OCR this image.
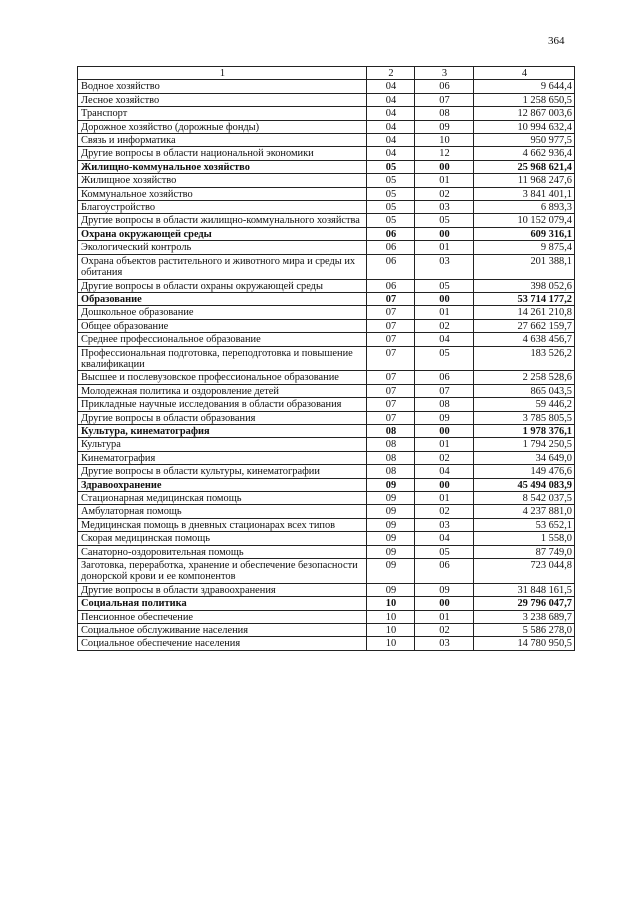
364
1	2	3	4
Водное хозяйство	04	06	9 644,4
Лесное хозяйство	04	07	1 258 650,5
Транспорт	04	08	12 867 003,6
Дорожное хозяйство (дорожные фонды)	04	09	10 994 632,4
Связь и информатика	04	10	950 977,5
Другие вопросы в области национальной экономики	04	12	4 662 936,4
Жилищно-коммунальное хозяйство	05	00	25 968 621,4
Жилищное хозяйство	05	01	11 968 247,6
Коммунальное хозяйство	05	02	3 841 401,1
Благоустройство	05	03	6 893,3
Другие вопросы в области жилищно-коммунального хозяйства	05	05	10 152 079,4
Охрана окружающей среды	06	00	609 316,1
Экологический контроль	06	01	9 875,4
Охрана объектов растительного и животного мира и среды их обитания	06	03	201 388,1
Другие вопросы в области охраны окружающей среды	06	05	398 052,6
Образование	07	00	53 714 177,2
Дошкольное образование	07	01	14 261 210,8
Общее образование	07	02	27 662 159,7
Среднее профессиональное образование	07	04	4 638 456,7
Профессиональная подготовка, переподготовка и повышение квалификации	07	05	183 526,2
Высшее и послевузовское профессиональное образование	07	06	2 258 528,6
Молодежная политика и оздоровление детей	07	07	865 043,5
Прикладные научные исследования в области образования	07	08	59 446,2
Другие вопросы в области образования	07	09	3 785 805,5
Культура, кинематография	08	00	1 978 376,1
Культура	08	01	1 794 250,5
Кинематография	08	02	34 649,0
Другие вопросы в области культуры, кинематографии	08	04	149 476,6
Здравоохранение	09	00	45 494 083,9
Стационарная медицинская помощь	09	01	8 542 037,5
Амбулаторная помощь	09	02	4 237 881,0
Медицинская помощь в дневных стационарах всех типов	09	03	53 652,1
Скорая медицинская помощь	09	04	1 558,0
Санаторно-оздоровительная помощь	09	05	87 749,0
Заготовка, переработка, хранение и обеспечение безопасности донорской крови и ее компонентов	09	06	723 044,8
Другие вопросы в области здравоохранения	09	09	31 848 161,5
Социальная политика	10	00	29 796 047,7
Пенсионное обеспечение	10	01	3 238 689,7
Социальное обслуживание населения	10	02	5 586 278,0
Социальное обеспечение населения	10	03	14 780 950,5
